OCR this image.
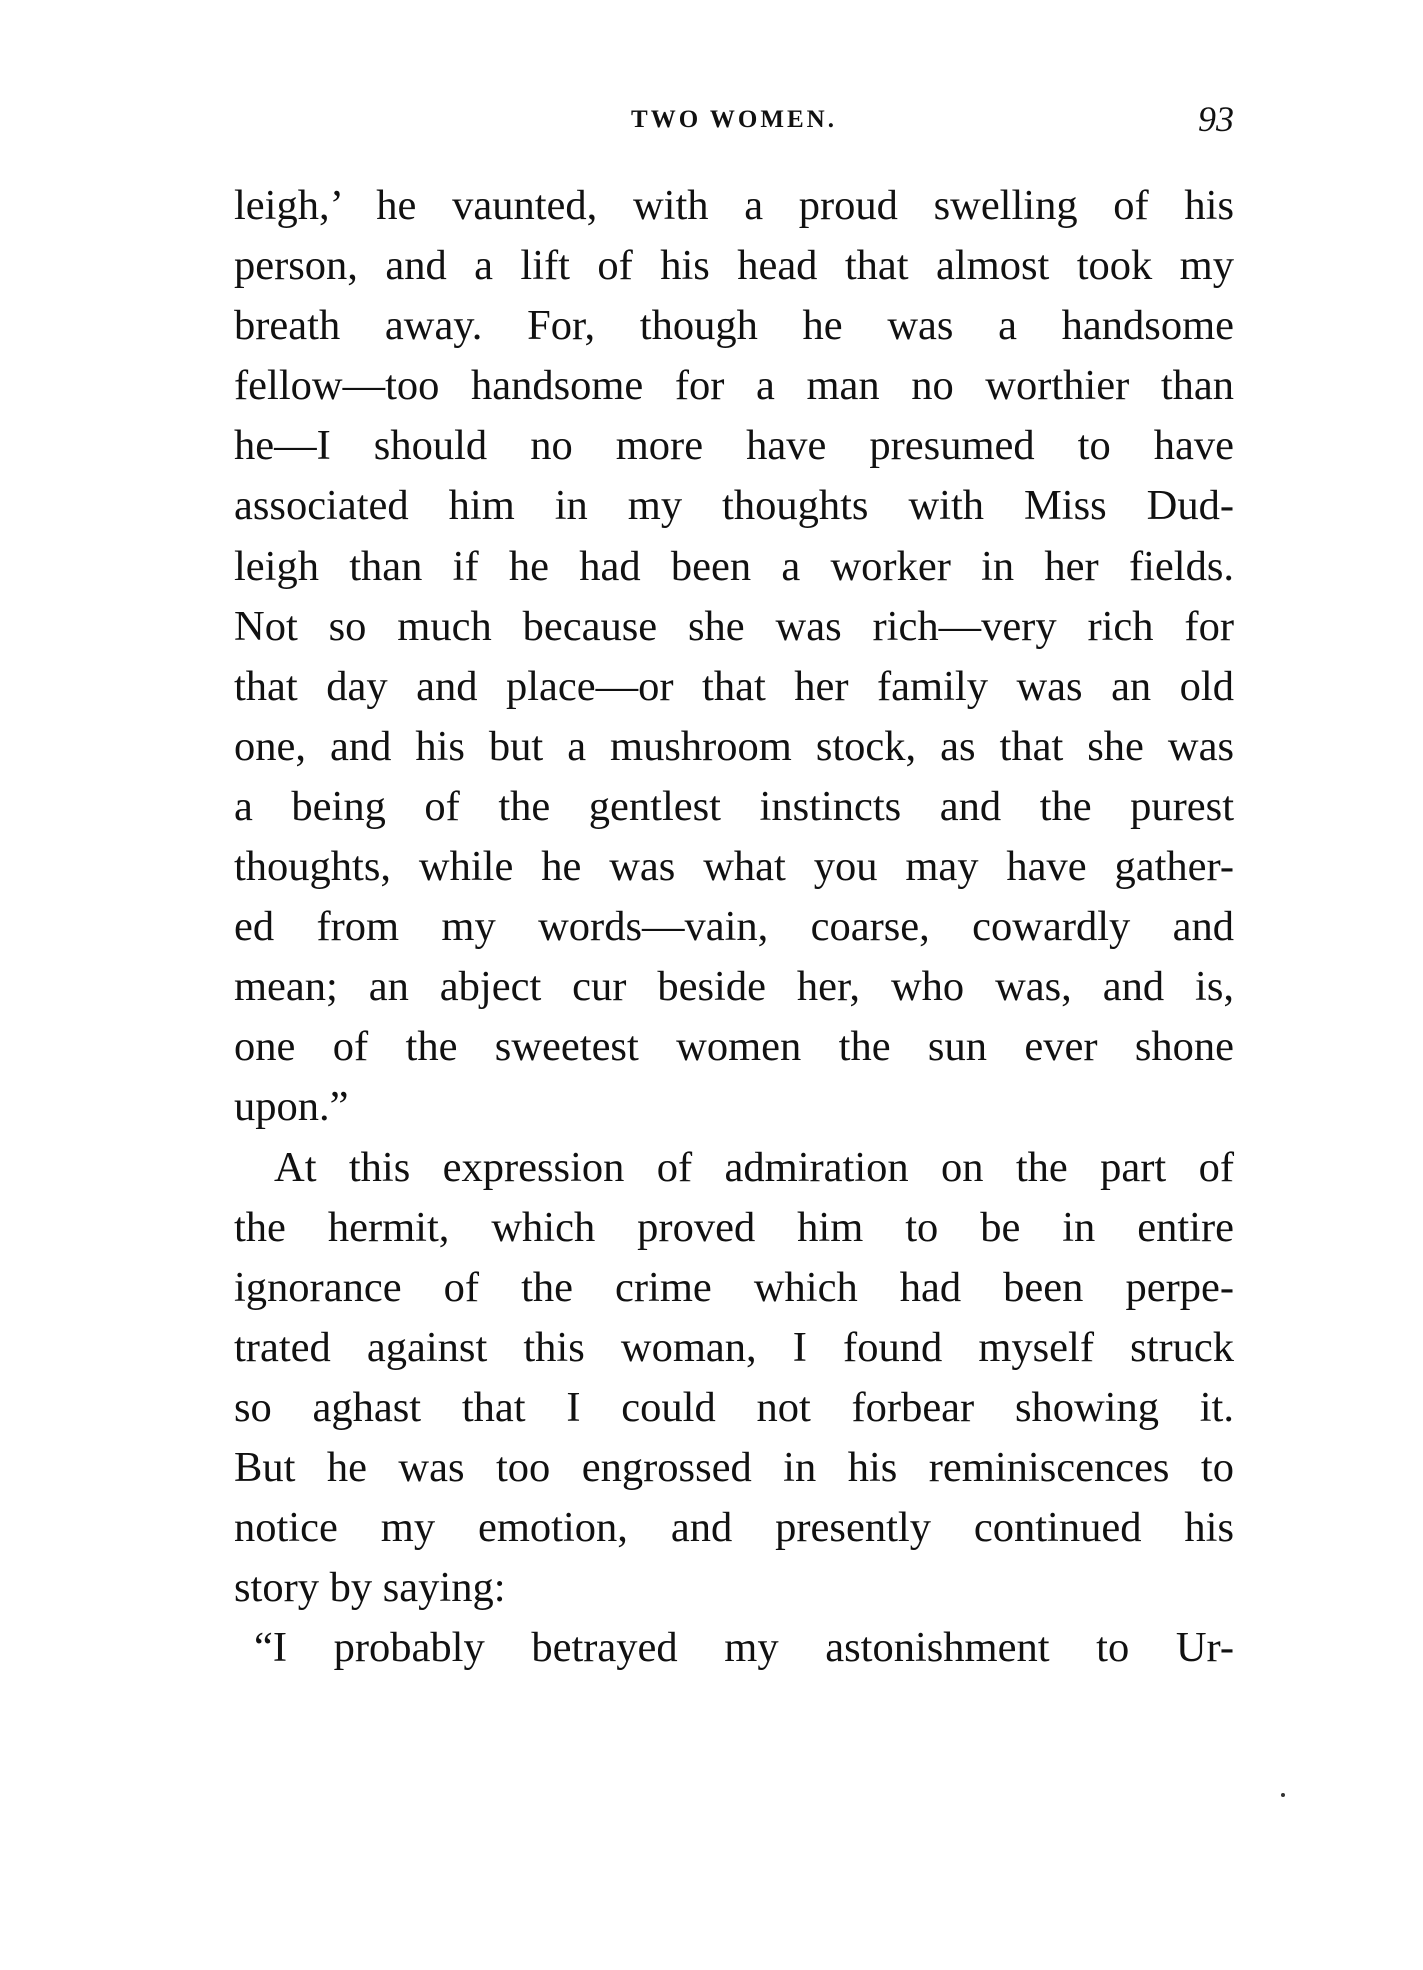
TWO WOMEN.	93
leigh,’ he vaunted, with a proud swelling of his
person, and a lift of his head that almost took my
breath away. For, though he was a handsome
fellow—too handsome for a man no worthier than
he—I should no more have presumed to have
associated him in my thoughts with Miss Dud-
leigh than if he had been a worker in her fields.
Not so much because she was rich—very rich for
that day and place—or that her family was an old
one, and his but a mushroom stock, as that she was
a being of the gentlest instincts and the purest
thoughts, while he was what you may have gather-
ed from my words—vain, coarse, cowardly and
mean; an abject cur beside her, who was, and is,
one of the sweetest women the sun ever shone
upon.”
At this expression of admiration on the part of
the hermit, which proved him to be in entire
ignorance of the crime which had been perpe-
trated against this woman, I found myself struck
so aghast that I could not forbear showing it.
But he was too engrossed in his reminiscences to
notice my emotion, and presently continued his
story by saying:
“I probably betrayed my astonishment to Ur-
